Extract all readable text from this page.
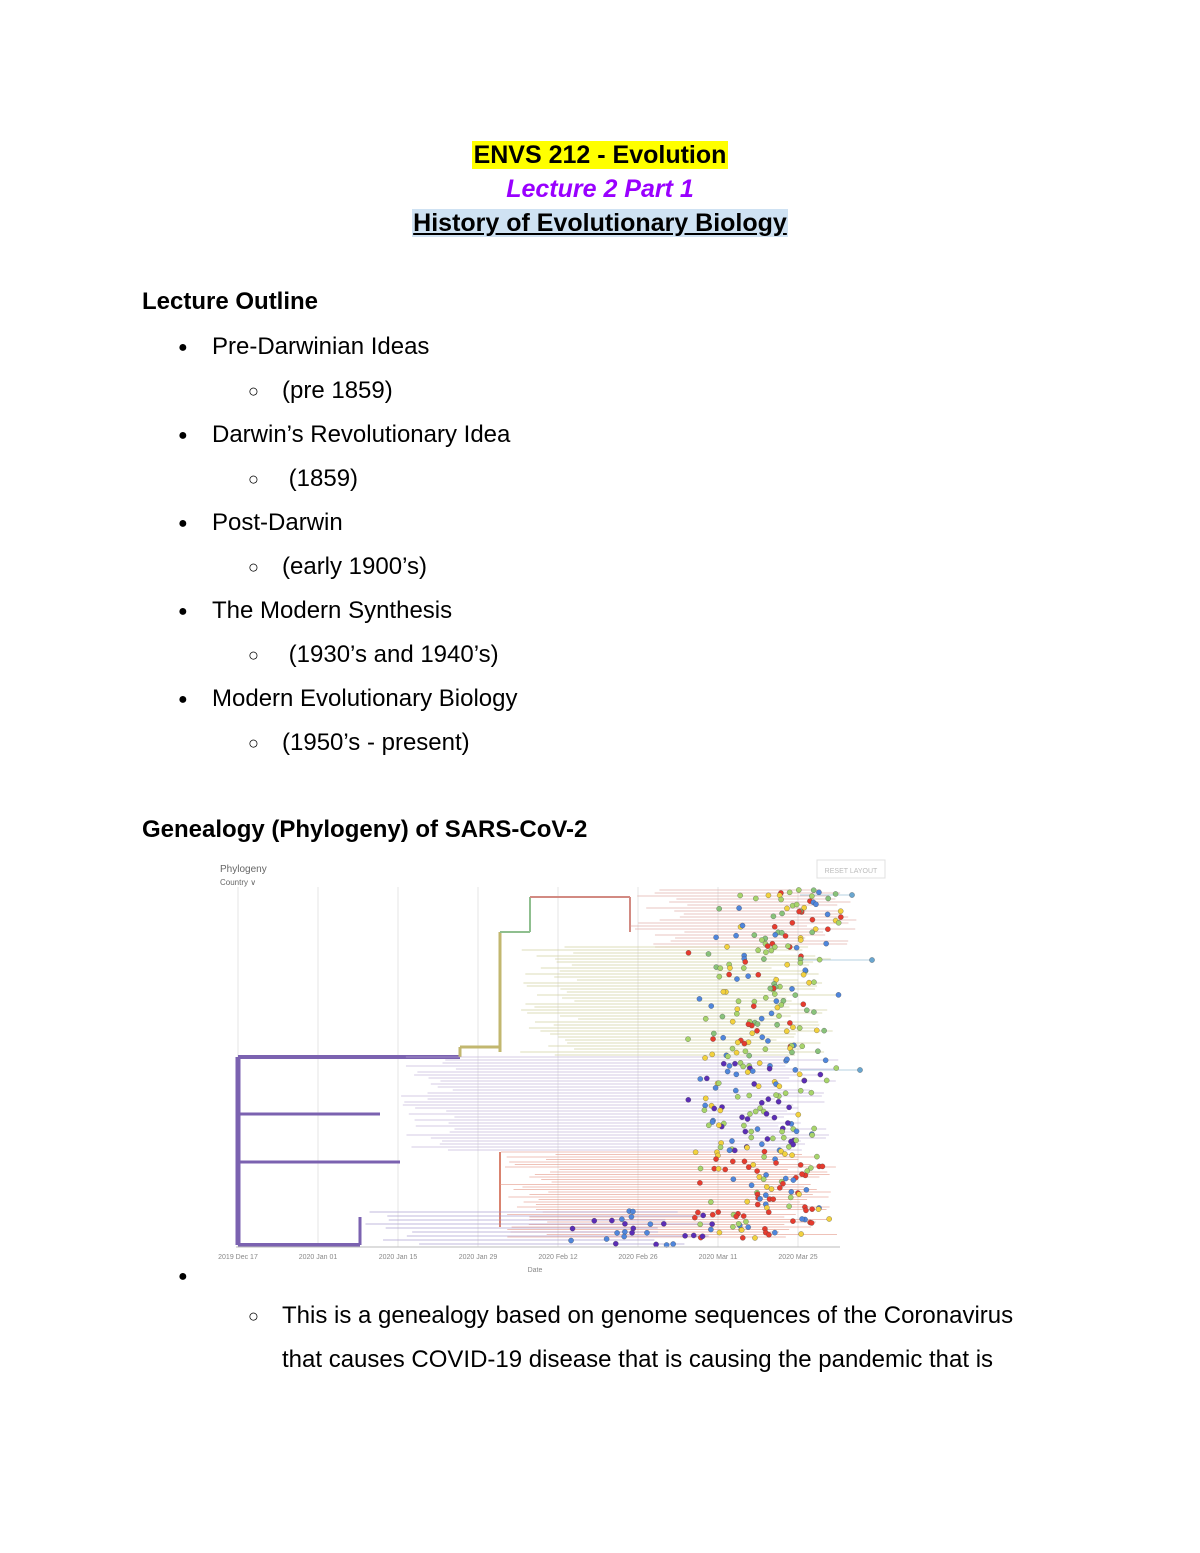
ENVS 212 - Evolution
Lecture 2 Part 1
History of Evolutionary Biology
Lecture Outline
● Pre-Darwinian Ideas
○ (pre 1859)
● Darwin’s Revolutionary Idea
○ (1859)
● Post-Darwin
○ (early 1900’s)
● The Modern Synthesis
○ (1930’s and 1940’s)
● Modern Evolutionary Biology
○ (1950’s - present)
Genealogy (Phylogeny) of SARS-CoV-2
Phylogeny
Country ∨
RESET LAYOUT
2019 Dec 17	2020 Jan 01	2020 Jan 15	2020 Jan 29	2020 Feb 12	2020 Feb 26	2020 Mar 11	2020 Mar 25
Date
●
○ This is a genealogy based on genome sequences of the Coronavirus
that causes COVID-19 disease that is causing the pandemic that is
